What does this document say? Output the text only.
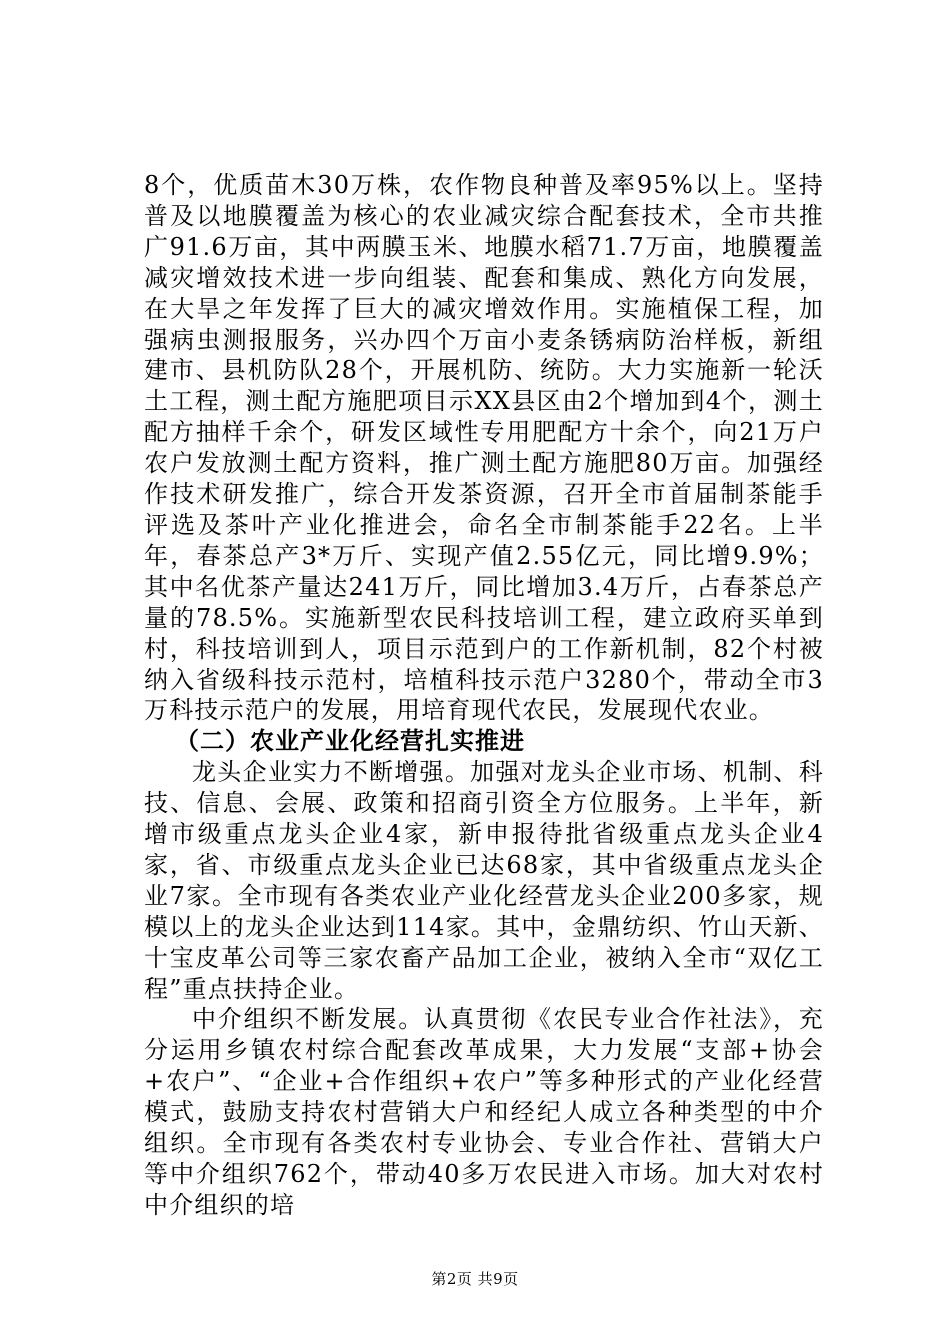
8个，优质苗木30万株，农作物良种普及率95%以上。坚持普及以地膜覆盖为核心的农业减灾综合配套技术，全市共推广91.6万亩，其中两膜玉米、地膜水稻71.7万亩，地膜覆盖减灾增效技术进一步向组装、配套和集成、熟化方向发展，在大旱之年发挥了巨大的减灾增效作用。实施植保工程，加强病虫测报服务，兴办四个万亩小麦条锈病防治样板，新组建市、县机防队28个，开展机防、统防。大力实施新一轮沃土工程，测土配方施肥项目示XX县区由2个增加到4个，测土配方抽样千余个，研发区域性专用肥配方十余个，向21万户农户发放测土配方资料，推广测土配方施肥80万亩。加强经作技术研发推广，综合开发茶资源，召开全市首届制茶能手评选及茶叶产业化推进会，命名全市制茶能手22名。上半年，春茶总产3*万斤、实现产值2.55亿元，同比增9.9%；其中名优茶产量达241万斤，同比增加3.4万斤，占春茶总产量的78.5%。实施新型农民科技培训工程，建立政府买单到村，科技培训到人，项目示范到户的工作新机制，82个村被纳入省级科技示范村，培植科技示范户3280个，带动全市3万科技示范户的发展，用培育现代农民，发展现代农业。

（二）农业产业化经营扎实推进

龙头企业实力不断增强。加强对龙头企业市场、机制、科技、信息、会展、政策和招商引资全方位服务。上半年，新增市级重点龙头企业4家，新申报待批省级重点龙头企业4家，省、市级重点龙头企业已达68家，其中省级重点龙头企业7家。全市现有各类农业产业化经营龙头企业200多家，规模以上的龙头企业达到114家。其中，金鼎纺织、竹山天新、十宝皮革公司等三家农畜产品加工企业，被纳入全市“双亿工程”重点扶持企业。

中介组织不断发展。认真贯彻《农民专业合作社法》，充分运用乡镇农村综合配套改革成果，大力发展“支部+协会+农户”、“企业+合作组织+农户”等多种形式的产业化经营模式，鼓励支持农村营销大户和经纪人成立各种类型的中介组织。全市现有各类农村专业协会、专业合作社、营销大户等中介组织762个，带动40多万农民进入市场。加大对农村中介组织的培

第2页 共9页
